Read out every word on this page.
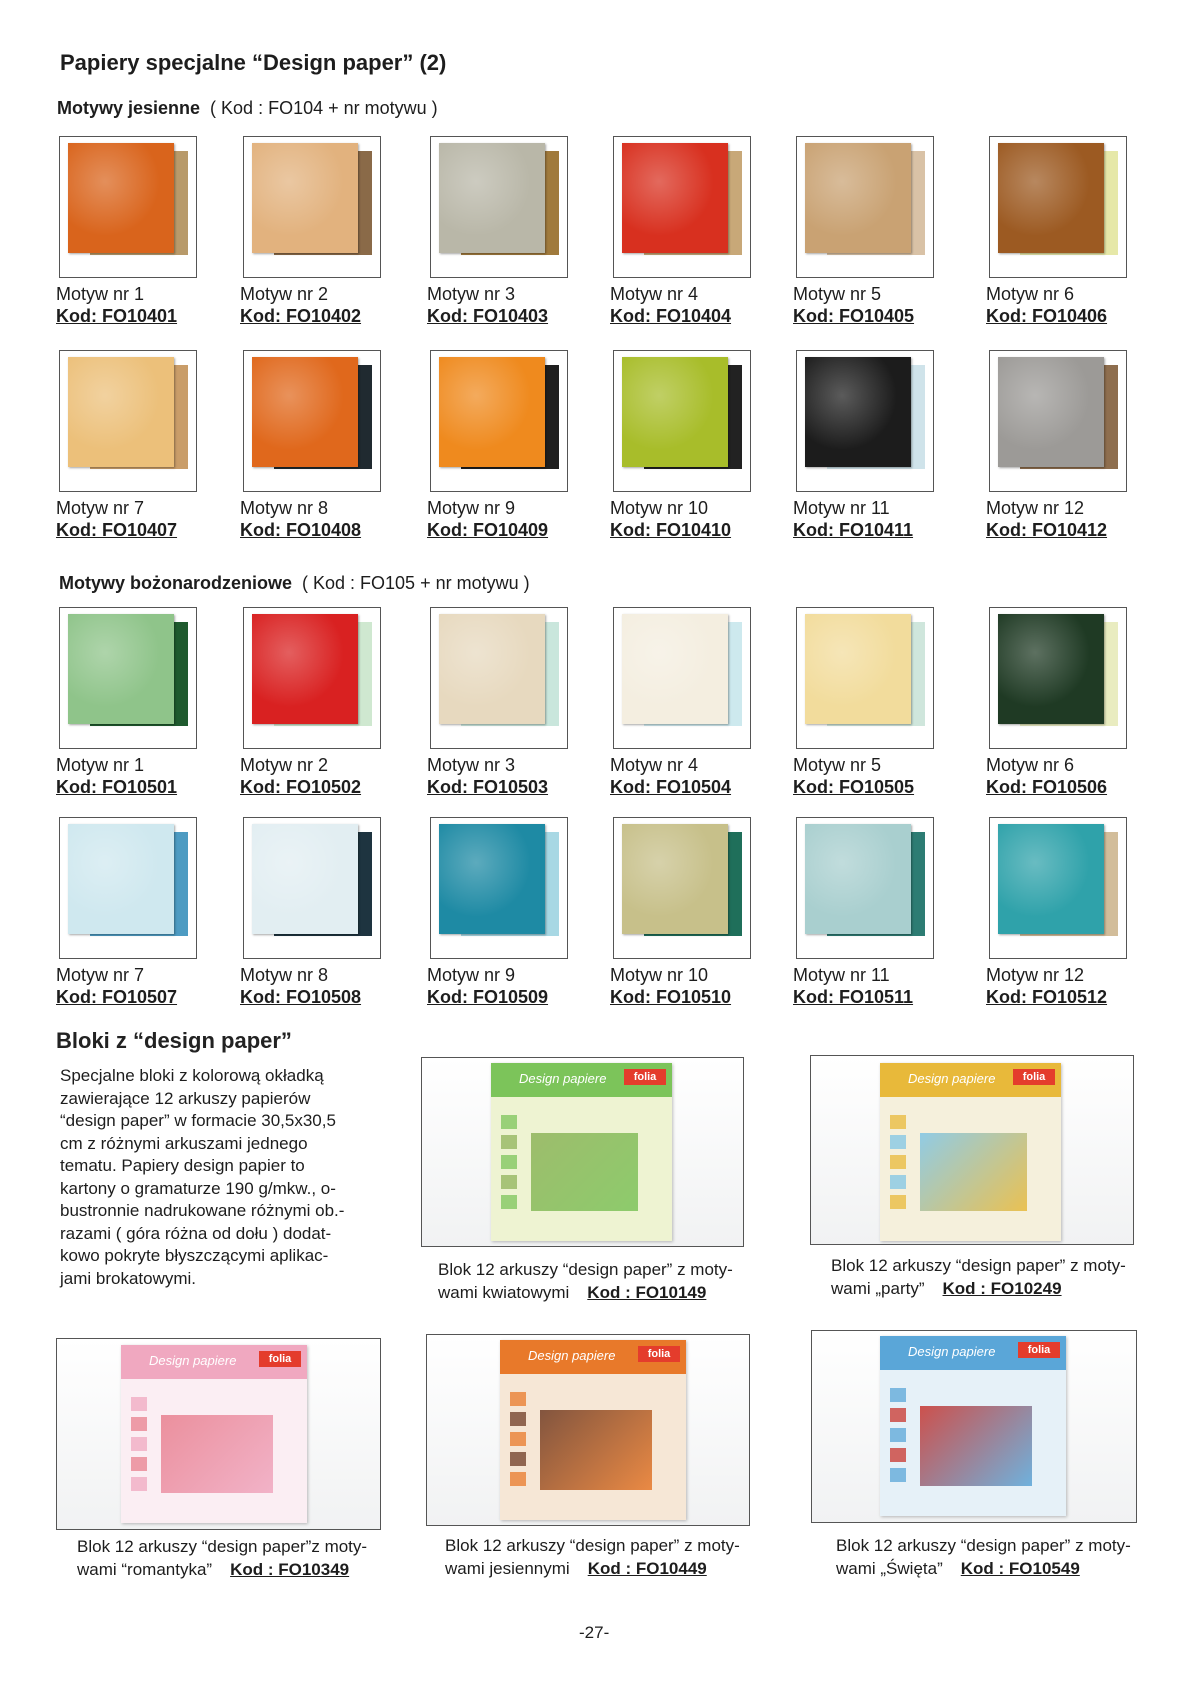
Papiery specjalne “Design paper” (2)
Motywy jesienne ( Kod : FO104 + nr motywu )
Motyw nr 1
Kod: FO10401
Motyw nr 2
Kod: FO10402
Motyw nr 3
Kod: FO10403
Motyw nr 4
Kod: FO10404
Motyw nr 5
Kod: FO10405
Motyw nr 6
Kod: FO10406
Motyw nr 7
Kod: FO10407
Motyw nr 8
Kod: FO10408
Motyw nr 9
Kod: FO10409
Motyw nr 10
Kod: FO10410
Motyw nr 11
Kod: FO10411
Motyw nr 12
Kod: FO10412
Motywy bożonarodzeniowe ( Kod : FO105 + nr motywu )
Motyw nr 1
Kod: FO10501
Motyw nr 2
Kod: FO10502
Motyw nr 3
Kod: FO10503
Motyw nr 4
Kod: FO10504
Motyw nr 5
Kod: FO10505
Motyw nr 6
Kod: FO10506
Motyw nr 7
Kod: FO10507
Motyw nr 8
Kod: FO10508
Motyw nr 9
Kod: FO10509
Motyw nr 10
Kod: FO10510
Motyw nr 11
Kod: FO10511
Motyw nr 12
Kod: FO10512
Bloki z “design paper”
Specjalne bloki z kolorową okładką
zawierające 12 arkuszy papierów
“design paper” w formacie 30,5x30,5
cm z różnymi arkuszami jednego
tematu. Papiery design papier to
kartony o gramaturze 190 g/mkw., o-
bustronnie nadrukowane różnymi ob.-
razami ( góra różna od dołu ) dodat-
kowo pokryte błyszczącymi aplikac-
jami brokatowymi.
Design papiere	folia
Blok 12 arkuszy “design paper” z moty-
wami kwiatowymi Kod : FO10149
Design papiere	folia
Blok 12 arkuszy “design paper” z moty-
wami „party” Kod : FO10249
Design papiere	folia
Blok 12 arkuszy “design paper”z moty-
wami “romantyka” Kod : FO10349
Design papiere	folia
Blok 12 arkuszy “design paper” z moty-
wami jesiennymi Kod : FO10449
Design papiere	folia
Blok 12 arkuszy “design paper” z moty-
wami „Święta” Kod : FO10549
-27-
